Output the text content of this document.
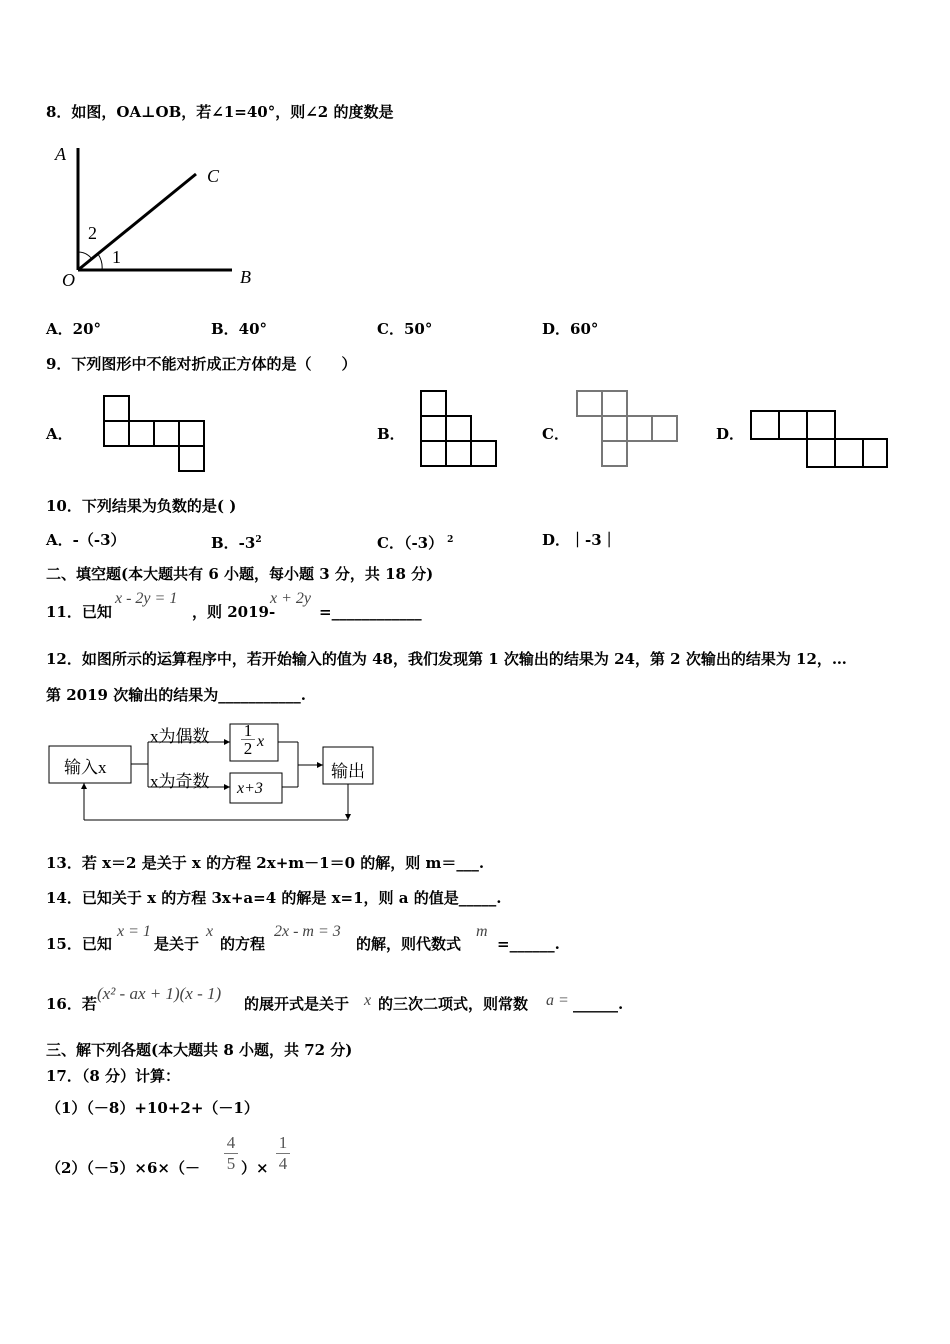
8．如图，OA⊥OB，若∠1=40°，则∠2 的度数是
A
C
B
O
2
1
A．20°	B．40°	C．50°	D．60°
9．下列图形中不能对折成正方体的是（　　）
A．	B．	C．	D．
10．下列结果为负数的是( )
A．-（-3）	B．$-3^2$	C．（-3） $^2$	D．｜-3｜
二、填空题(本大题共有 6 小题，每小题 3 分，共 18 分)
11．已知
x - 2y = 1
，则 2019-
x + 2y
=____________
12．如图所示的运算程序中，若开始输入的值为 48，我们发现第 1 次输出的结果为 24，第 2 次输出的结果为 12，…
第 2019 次输出的结果为___________.
输入x
x为偶数
x为奇数
$\frac{1}{2}$ x
x+3
输出
13．若 x＝2 是关于 x 的方程 2x+m－1＝0 的解，则 m＝___.
14．已知关于 x 的方程 3x+a=4 的解是 x=1，则 a 的值是_____.
15．已知
x = 1
是关于
x
的方程
2x - m = 3
的解，则代数式
m
=______.
16．若
(x² - ax + 1)(x - 1)
的展开式是关于 x 的三次二项式，则常数 a = ______.
三、解下列各题(本大题共 8 小题，共 72 分)
17．（8 分）计算：
（1）（－8）+10+2+（－1）
$(2)(-5)\times 6\times(- \frac{4}{5}$ ）× $\frac{1}{4}$
